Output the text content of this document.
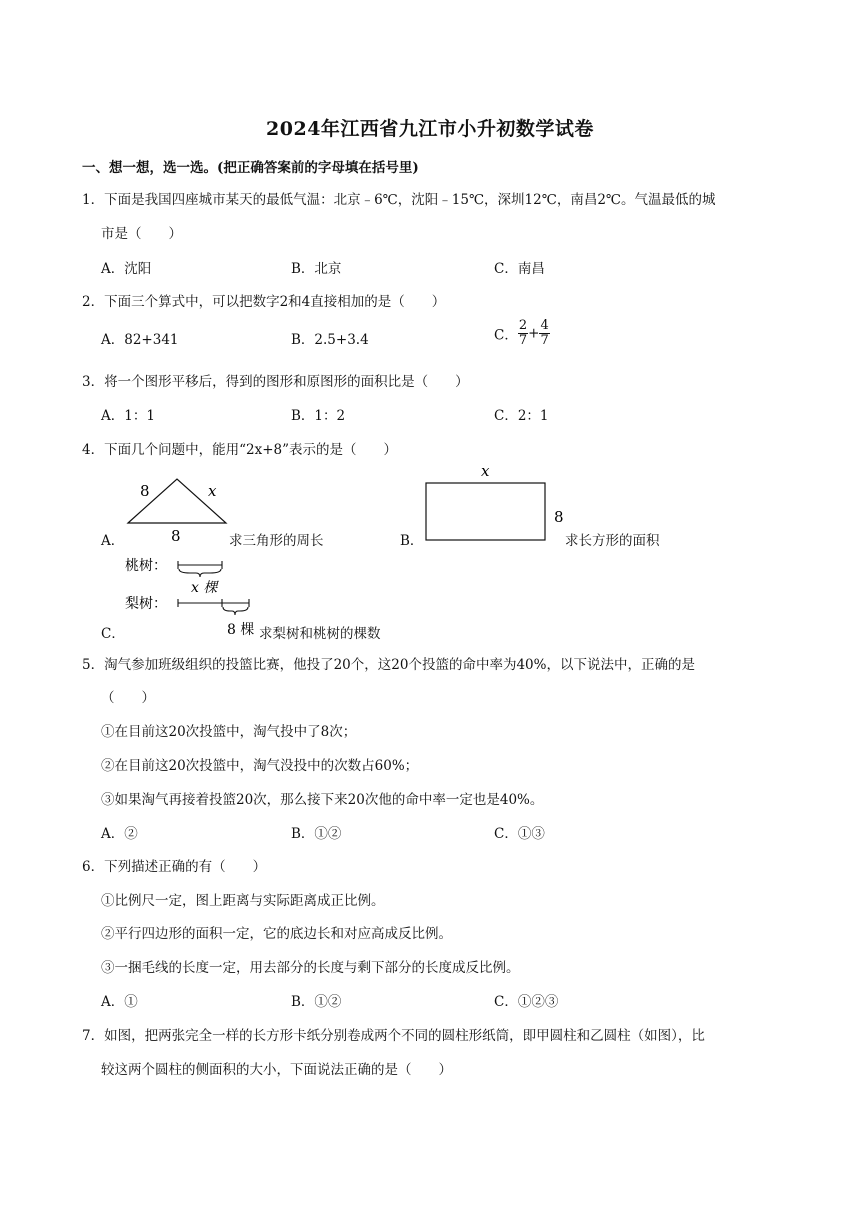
2024年江西省九江市小升初数学试卷
一、想一想，选一选。(把正确答案前的字母填在括号里)
1．下面是我国四座城市某天的最低气温：北京﹣6℃，沈阳﹣15℃，深圳12℃，南昌2℃。气温最低的城
市是（　　）
A．沈阳	B．北京	C．南昌
2．下面三个算式中，可以把数字2和4直接相加的是（　　）
A．82+341	B．2.5+3.4	C． $\frac{2}{7} + \frac{4}{7}$
3．将一个图形平移后，得到的图形和原图形的面积比是（　　）
A．1：1	B．1：2	C．2：1
4．下面几个问题中，能用“2x+8”表示的是（　　）
A．
8	x
8	求三角形的周长	B．
x
8
求长方形的面积
桃树：
x 棵
梨树：
8 棵
C．	求梨树和桃树的棵数
5．淘气参加班级组织的投篮比赛，他投了20个，这20个投篮的命中率为40%，以下说法中，正确的是
（　　）
①在目前这20次投篮中，淘气投中了8次；
②在目前这20次投篮中，淘气没投中的次数占60%；
③如果淘气再接着投篮20次，那么接下来20次他的命中率一定也是40%。
A．②	B．①②	C．①③
6．下列描述正确的有（　　）
①比例尺一定，图上距离与实际距离成正比例。
②平行四边形的面积一定，它的底边长和对应高成反比例。
③一捆毛线的长度一定，用去部分的长度与剩下部分的长度成反比例。
A．①	B．①②	C．①②③
7．如图，把两张完全一样的长方形卡纸分别卷成两个不同的圆柱形纸筒，即甲圆柱和乙圆柱（如图），比
较这两个圆柱的侧面积的大小，下面说法正确的是（　　）
